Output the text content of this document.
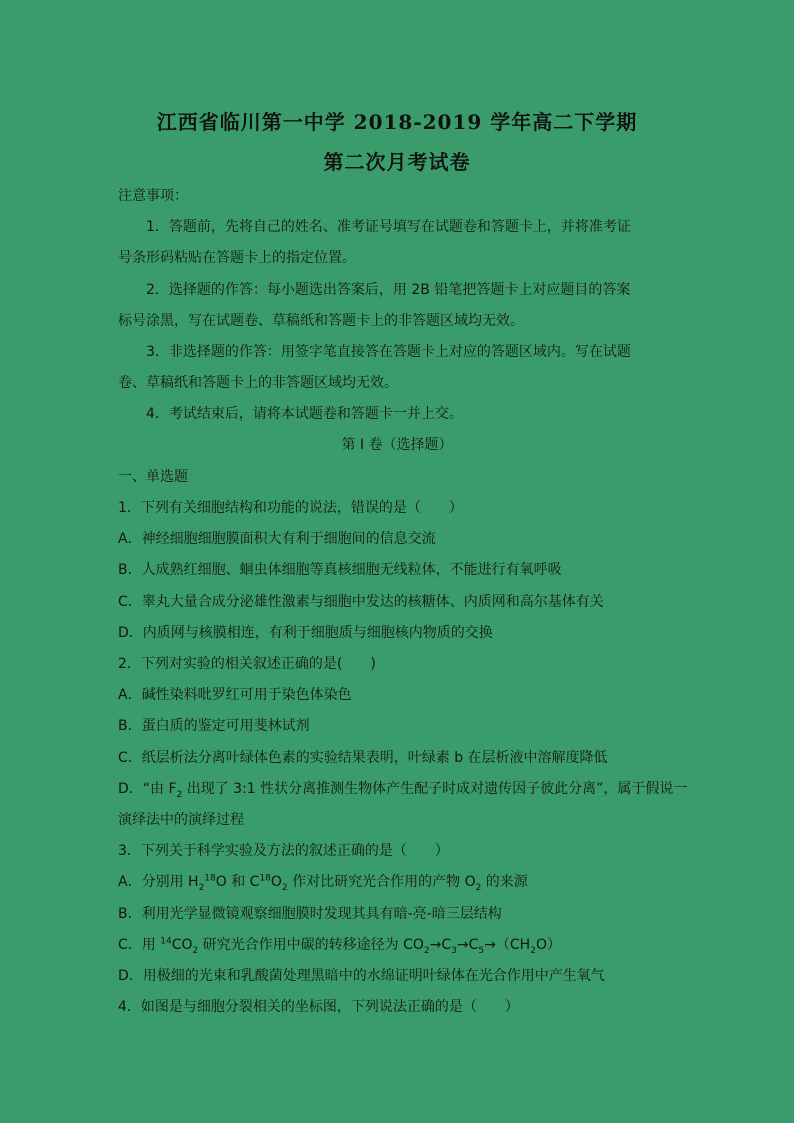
江西省临川第一中学 2018-2019 学年高二下学期
第二次月考试卷
注意事项：
1．答题前，先将自己的姓名、准考证号填写在试题卷和答题卡上，并将准考证
号条形码粘贴在答题卡上的指定位置。
2．选择题的作答：每小题选出答案后，用 2B 铅笔把答题卡上对应题目的答案
标号涂黑，写在试题卷、草稿纸和答题卡上的非答题区域均无效。
3．非选择题的作答：用签字笔直接答在答题卡上对应的答题区域内。写在试题
卷、草稿纸和答题卡上的非答题区域均无效。
4．考试结束后，请将本试题卷和答题卡一并上交。
第 I 卷（选择题）
一、单选题
1．下列有关细胞结构和功能的说法，错误的是（　　）
A．神经细胞细胞膜面积大有利于细胞间的信息交流
B．人成熟红细胞、蛔虫体细胞等真核细胞无线粒体，不能进行有氧呼吸
C．睾丸大量合成分泌雄性激素与细胞中发达的核糖体、内质网和高尔基体有关
D．内质网与核膜相连，有利于细胞质与细胞核内物质的交换
2．下列对实验的相关叙述正确的是(　　)
A．碱性染料吡罗红可用于染色体染色
B．蛋白质的鉴定可用斐林试剂
C．纸层析法分离叶绿体色素的实验结果表明，叶绿素 b 在层析液中溶解度降低
D．“由 $F_2$ 出现了 3:1 性状分离推测生物体产生配子时成对遗传因子彼此分离”，属于假说一
演绎法中的演绎过程
3．下列关于科学实验及方法的叙述正确的是（　　）
A．分别用 $H_2^{18}O$ 和 $C^{18}O_2$ 作对比研究光合作用的产物 $O_2$ 的来源
B．利用光学显微镜观察细胞膜时发现其具有暗-亮-暗三层结构
C．用 $^{14}CO_2$ 研究光合作用中碳的转移途径为 $CO_2\to C_3\to C_5\to(CH_2O)$
D．用极细的光束和乳酸菌处理黑暗中的水绵证明叶绿体在光合作用中产生氧气
4．如图是与细胞分裂相关的坐标图，下列说法正确的是（　　）
